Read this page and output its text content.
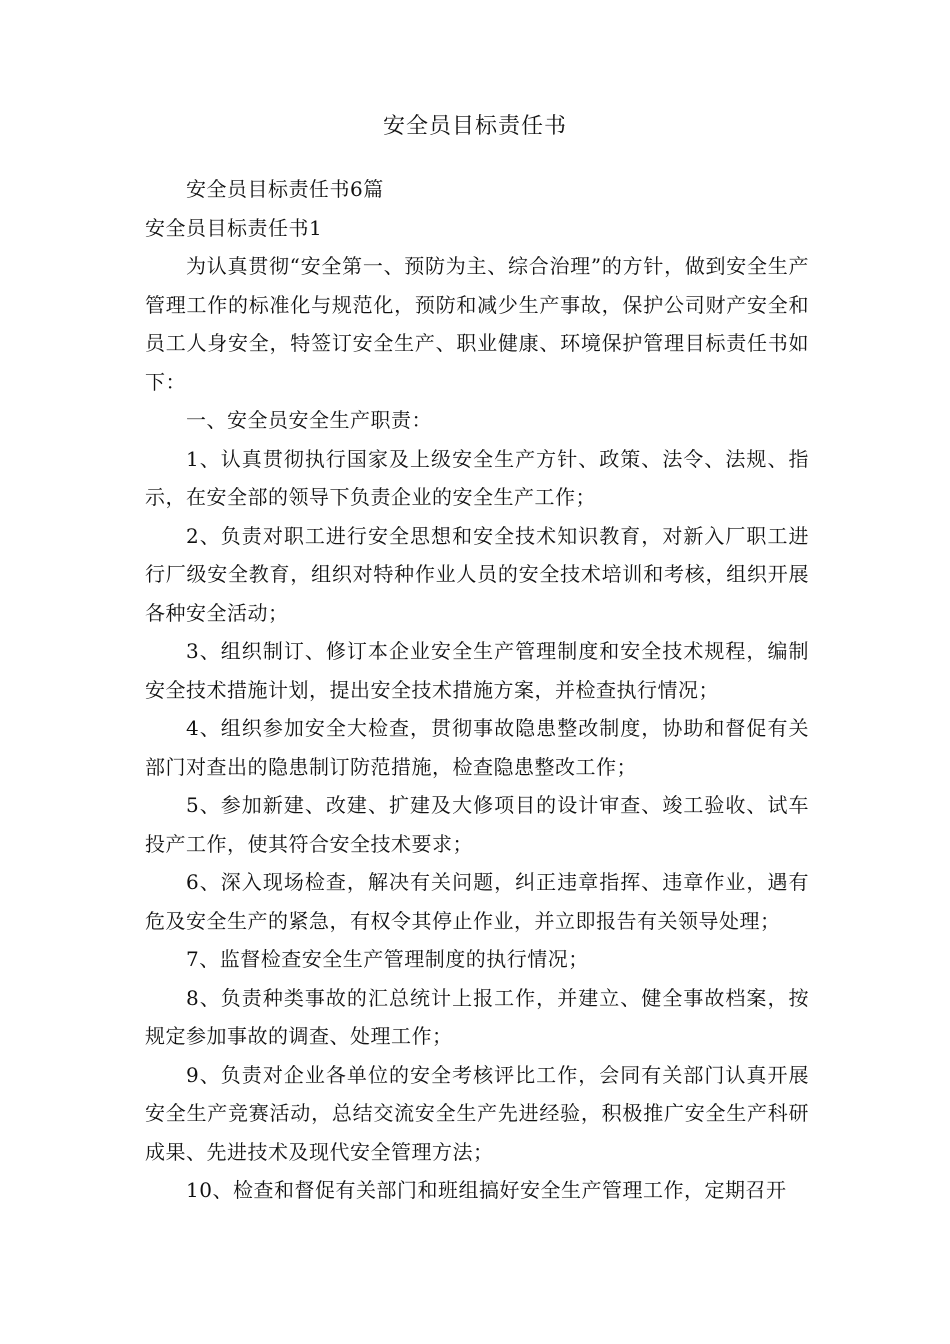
安全员目标责任书

安全员目标责任书6篇

安全员目标责任书1

为认真贯彻“安全第一、预防为主、综合治理”的方针，做到安全生产管理工作的标准化与规范化，预防和减少生产事故，保护公司财产安全和员工人身安全，特签订安全生产、职业健康、环境保护管理目标责任书如下：

一、安全员安全生产职责：

1、认真贯彻执行国家及上级安全生产方针、政策、法令、法规、指示，在安全部的领导下负责企业的安全生产工作；

2、负责对职工进行安全思想和安全技术知识教育，对新入厂职工进行厂级安全教育，组织对特种作业人员的安全技术培训和考核，组织开展各种安全活动；

3、组织制订、修订本企业安全生产管理制度和安全技术规程，编制安全技术措施计划，提出安全技术措施方案，并检查执行情况；

4、组织参加安全大检查，贯彻事故隐患整改制度，协助和督促有关部门对查出的隐患制订防范措施，检查隐患整改工作；

5、参加新建、改建、扩建及大修项目的设计审查、竣工验收、试车投产工作，使其符合安全技术要求；

6、深入现场检查，解决有关问题，纠正违章指挥、违章作业，遇有危及安全生产的紧急，有权令其停止作业，并立即报告有关领导处理；

7、监督检查安全生产管理制度的执行情况；

8、负责种类事故的汇总统计上报工作，并建立、健全事故档案，按规定参加事故的调查、处理工作；

9、负责对企业各单位的安全考核评比工作，会同有关部门认真开展安全生产竞赛活动，总结交流安全生产先进经验，积极推广安全生产科研成果、先进技术及现代安全管理方法；

10、检查和督促有关部门和班组搞好安全生产管理工作，定期召开
